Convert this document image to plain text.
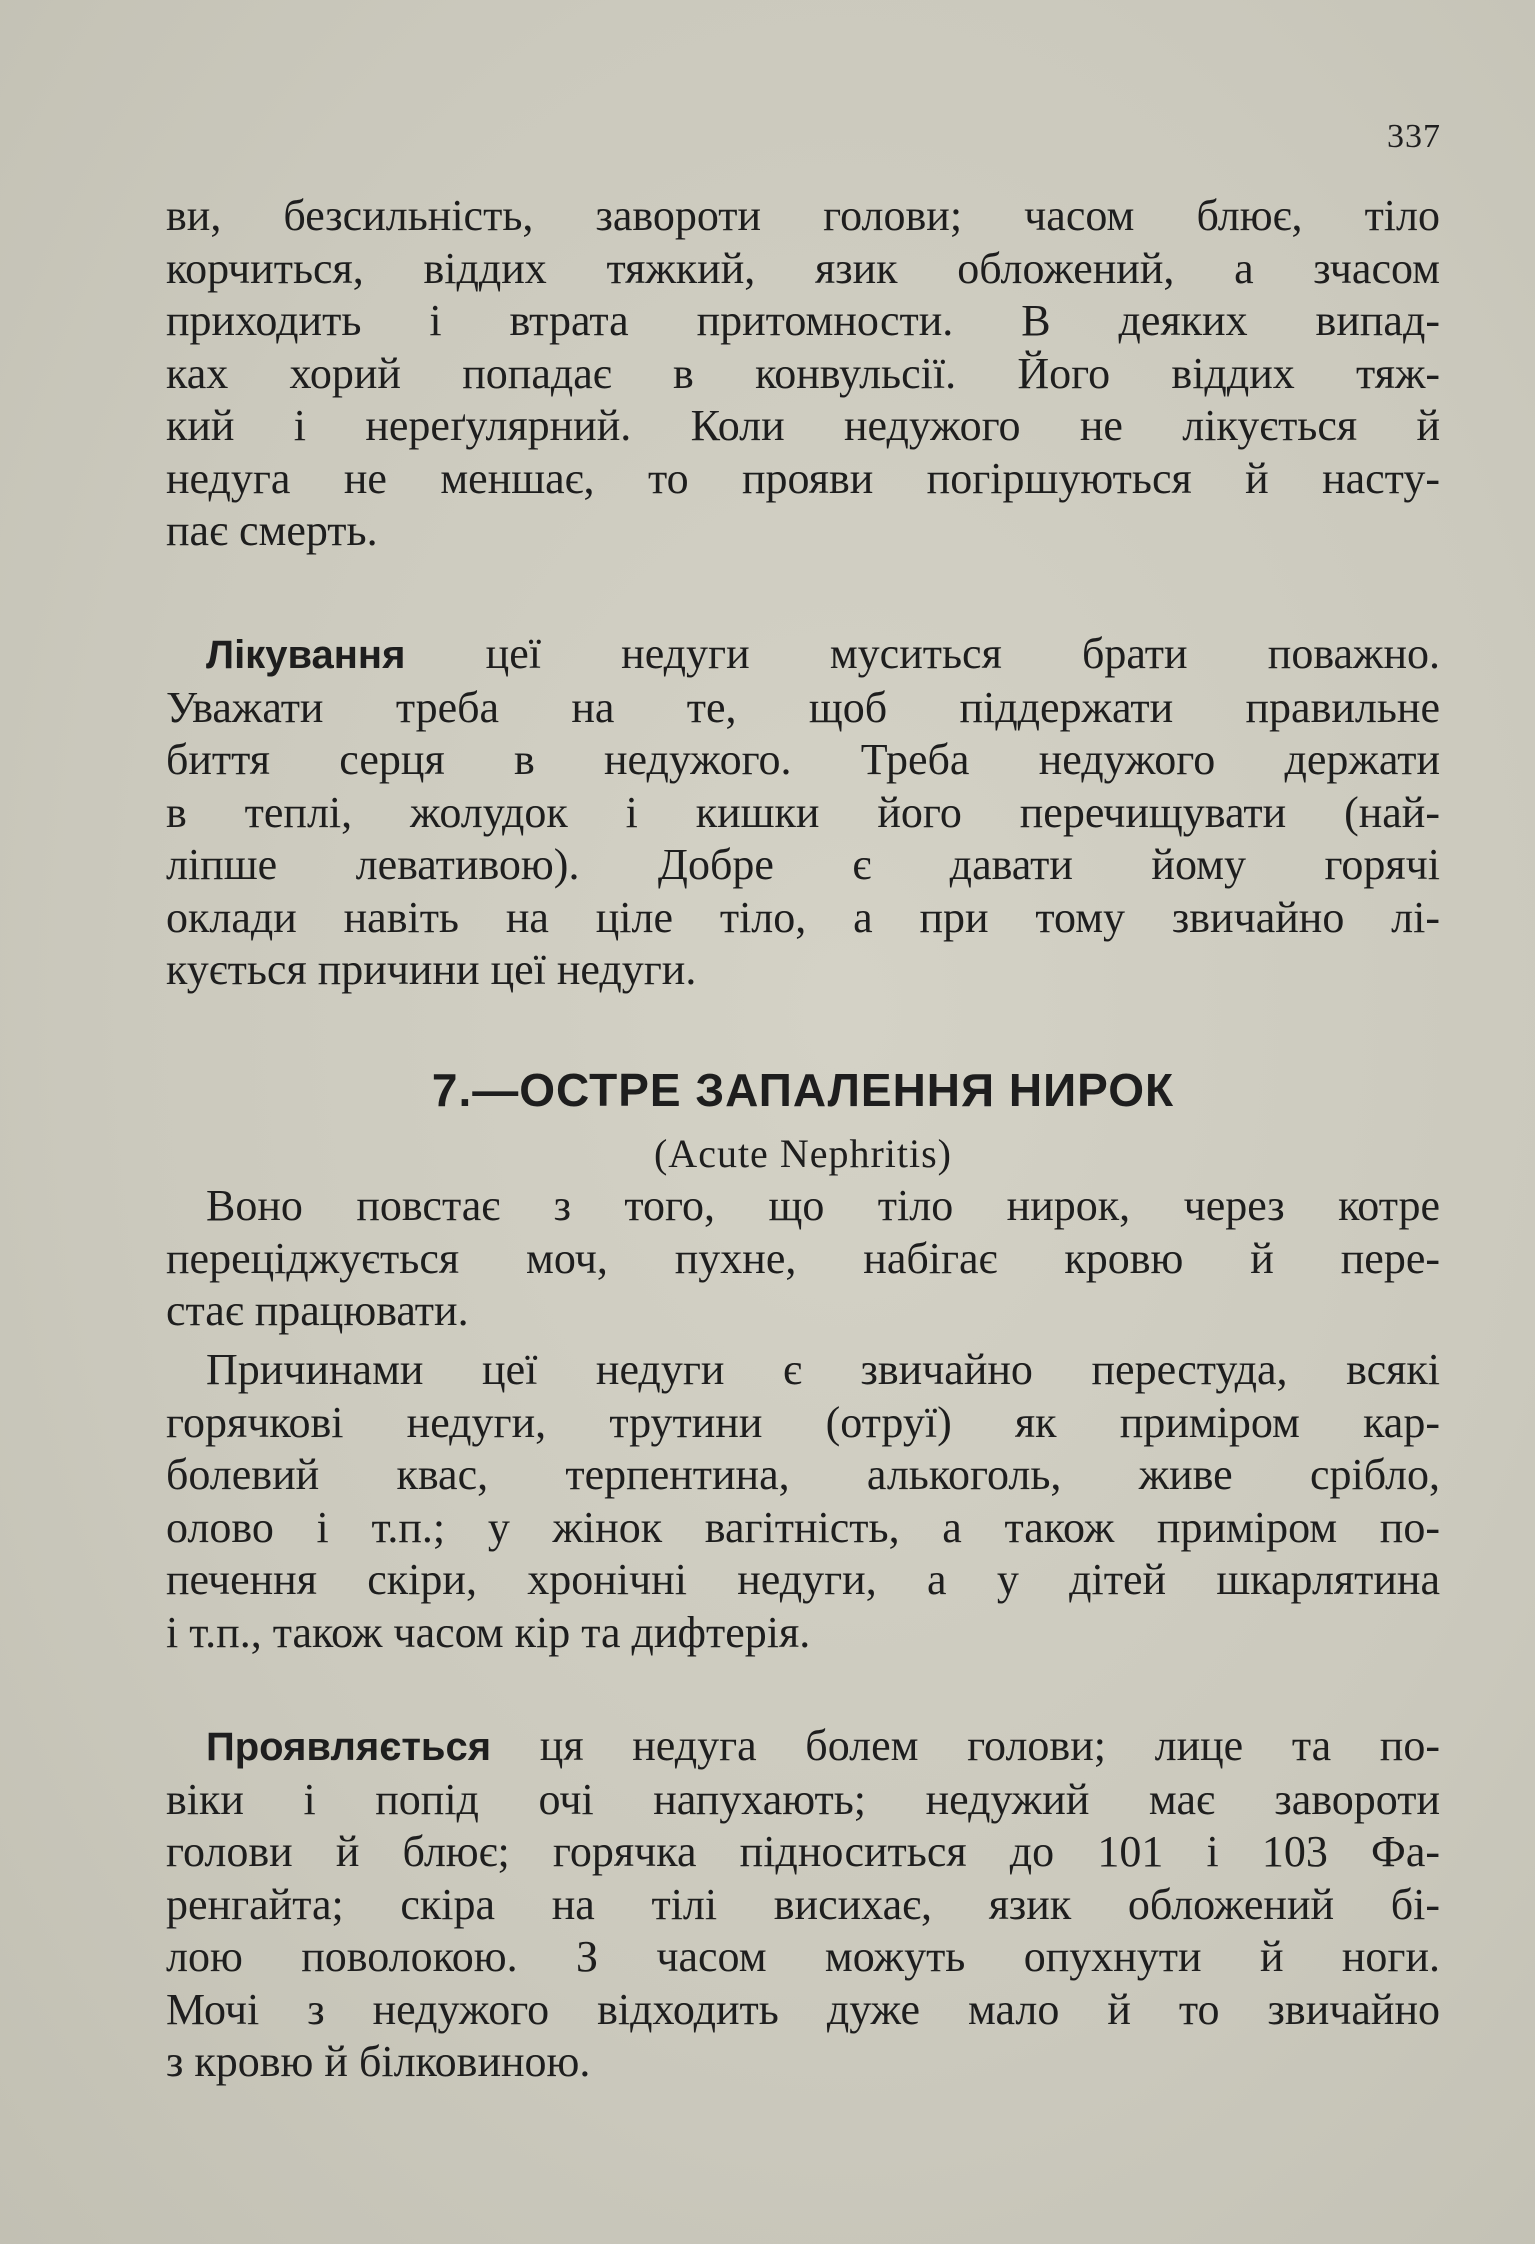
337
ви, безсильність, завороти голови; часом блює, тіло
корчиться, віддих тяжкий, язик обложений, а зчасом
приходить і втрата притомности. В деяких випад-
ках хорий попадає в конвульсії. Його віддих тяж-
кий і нереґулярний. Коли недужого не лікується й
недуга не меншає, то прояви погіршуються й насту-
пає смерть.
Лікування цеї недуги муситься брати поважно.
Уважати треба на те, щоб піддержати правильне
биття серця в недужого. Треба недужого держати
в теплі, жолудок і кишки його перечищувати (най-
ліпше левативою). Добре є давати йому горячі
оклади навіть на ціле тіло, а при тому звичайно лі-
кується причини цеї недуги.
7.—ОСТРЕ ЗАПАЛЕННЯ НИРОК
(Acute Nephritis)
Воно повстає з того, що тіло нирок, через котре
переціджується моч, пухне, набігає кровю й пере-
стає працювати.
Причинами цеї недуги є звичайно перестуда, всякі
горячкові недуги, трутини (отруї) як приміром кар-
болевий квас, терпентина, алькоголь, живе срібло,
олово і т.п.; у жінок вагітність, а також приміром по-
печення скіри, хронічні недуги, а у дітей шкарлятина
і т.п., також часом кір та дифтерія.
Проявляється ця недуга болем голови; лице та по-
віки і попід очі напухають; недужий має завороти
голови й блює; горячка підноситься до 101 і 103 Фа-
ренгайта; скіра на тілі висихає, язик обложений бі-
лою поволокою. З часом можуть опухнути й ноги.
Мочі з недужого відходить дуже мало й то звичайно
з кровю й білковиною.
